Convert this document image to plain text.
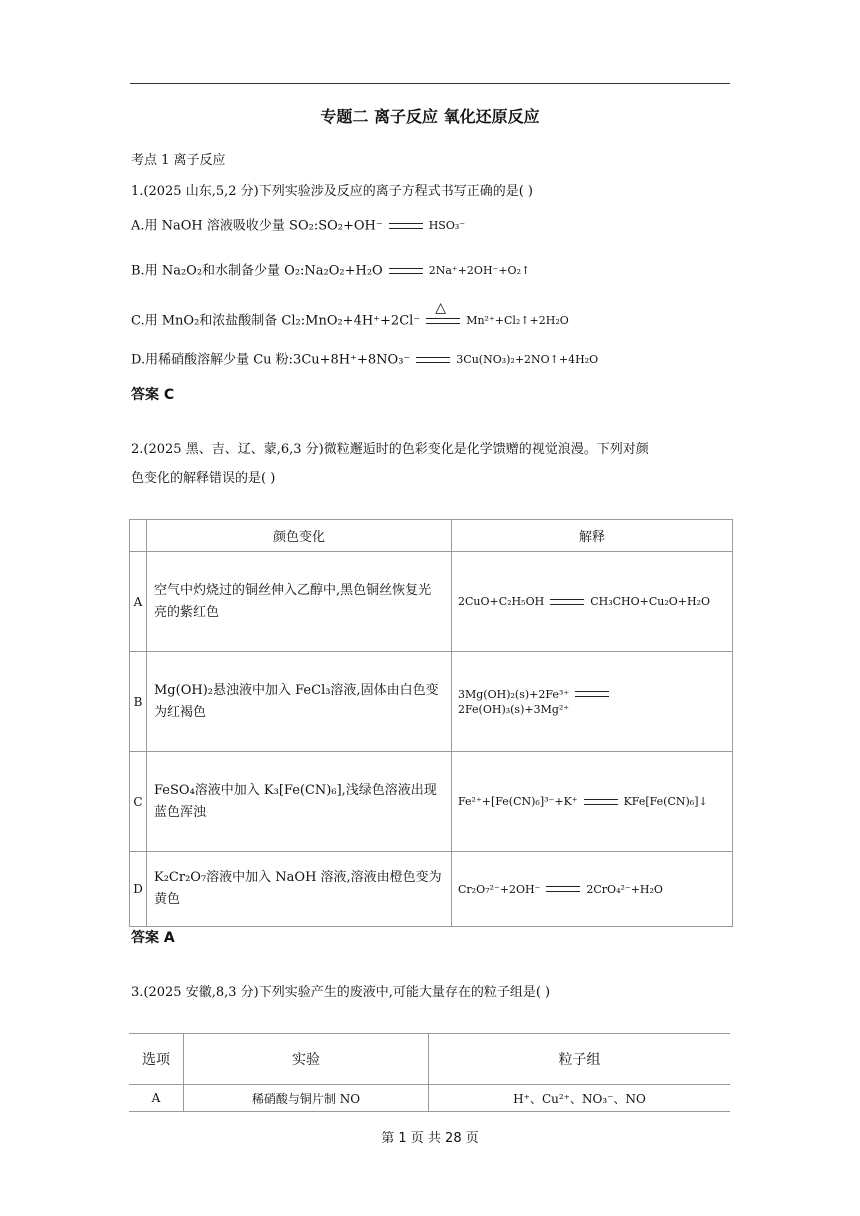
专题二 离子反应 氧化还原反应
考点 1 离子反应
1.(2025 山东,5,2 分)下列实验涉及反应的离子方程式书写正确的是( )
A.用 NaOH 溶液吸收少量 SO₂:SO₂+OH⁻	HSO₃⁻
B.用 Na₂O₂和水制备少量 O₂:Na₂O₂+H₂O	2Na⁺+2OH⁻+O₂↑
C.用 MnO₂和浓盐酸制备 Cl₂:MnO₂+4H⁺+2Cl⁻
△
Mn²⁺+Cl₂↑+2H₂O
D.用稀硝酸溶解少量 Cu 粉:3Cu+8H⁺+8NO₃⁻	3Cu(NO₃)₂+2NO↑+4H₂O
答案 C
2.(2025 黑、吉、辽、蒙,6,3 分)微粒邂逅时的色彩变化是化学馈赠的视觉浪漫。下列对颜
色变化的解释错误的是( )
	颜色变化	解释
A	空气中灼烧过的铜丝伸入乙醇中,黑色铜丝恢复光亮的紫红色	2CuO+C₂H₅OH CH₃CHO+Cu₂O+H₂O
B	Mg(OH)₂悬浊液中加入 FeCl₃溶液,固体由白色变为红褐色	3Mg(OH)₂(s)+2Fe³⁺2Fe(OH)₃(s)+3Mg²⁺
C	FeSO₄溶液中加入 K₃[Fe(CN)₆],浅绿色溶液出现蓝色浑浊	Fe²⁺+[Fe(CN)₆]³⁻+K⁺ KFe[Fe(CN)₆]↓
D	K₂Cr₂O₇溶液中加入 NaOH 溶液,溶液由橙色变为黄色	Cr₂O₇²⁻+2OH⁻ 2CrO₄²⁻+H₂O
答案 A
3.(2025 安徽,8,3 分)下列实验产生的废液中,可能大量存在的粒子组是( )
选项	实验	粒子组
A	稀硝酸与铜片制 NO	H⁺、Cu²⁺、NO₃⁻、NO
第 1 页 共 28 页
